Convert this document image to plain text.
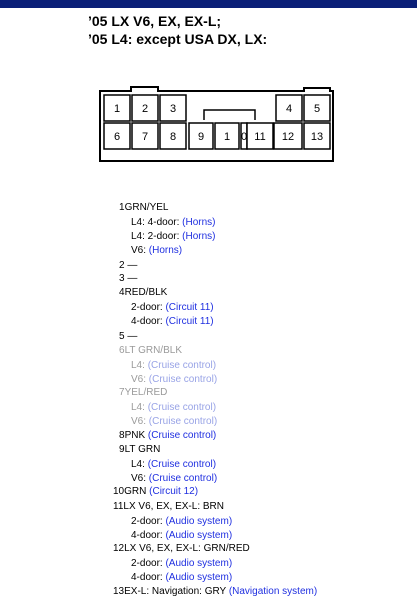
’05 LX V6, EX, EX-L;
’05 L4: except USA DX, LX:
1 2 3	4 5
6 7 8 9 1 0 11 12 13
1GRN/YEL
L4: 4-door: (Horns)
L4: 2-door: (Horns)
V6: (Horns)
2 —
3 —
4RED/BLK
2-door: (Circuit 11)
4-door: (Circuit 11)
5 —
6LT GRN/BLK
L4: (Cruise control)
V6: (Cruise control)
7YEL/RED
L4: (Cruise control)
V6: (Cruise control)
8PNK (Cruise control)
9LT GRN
L4: (Cruise control)
V6: (Cruise control)
10GRN (Circuit 12)
11LX V6, EX, EX-L: BRN
2-door: (Audio system)
4-door: (Audio system)
12LX V6, EX, EX-L: GRN/RED
2-door: (Audio system)
4-door: (Audio system)
13EX-L: Navigation: GRY (Navigation system)
